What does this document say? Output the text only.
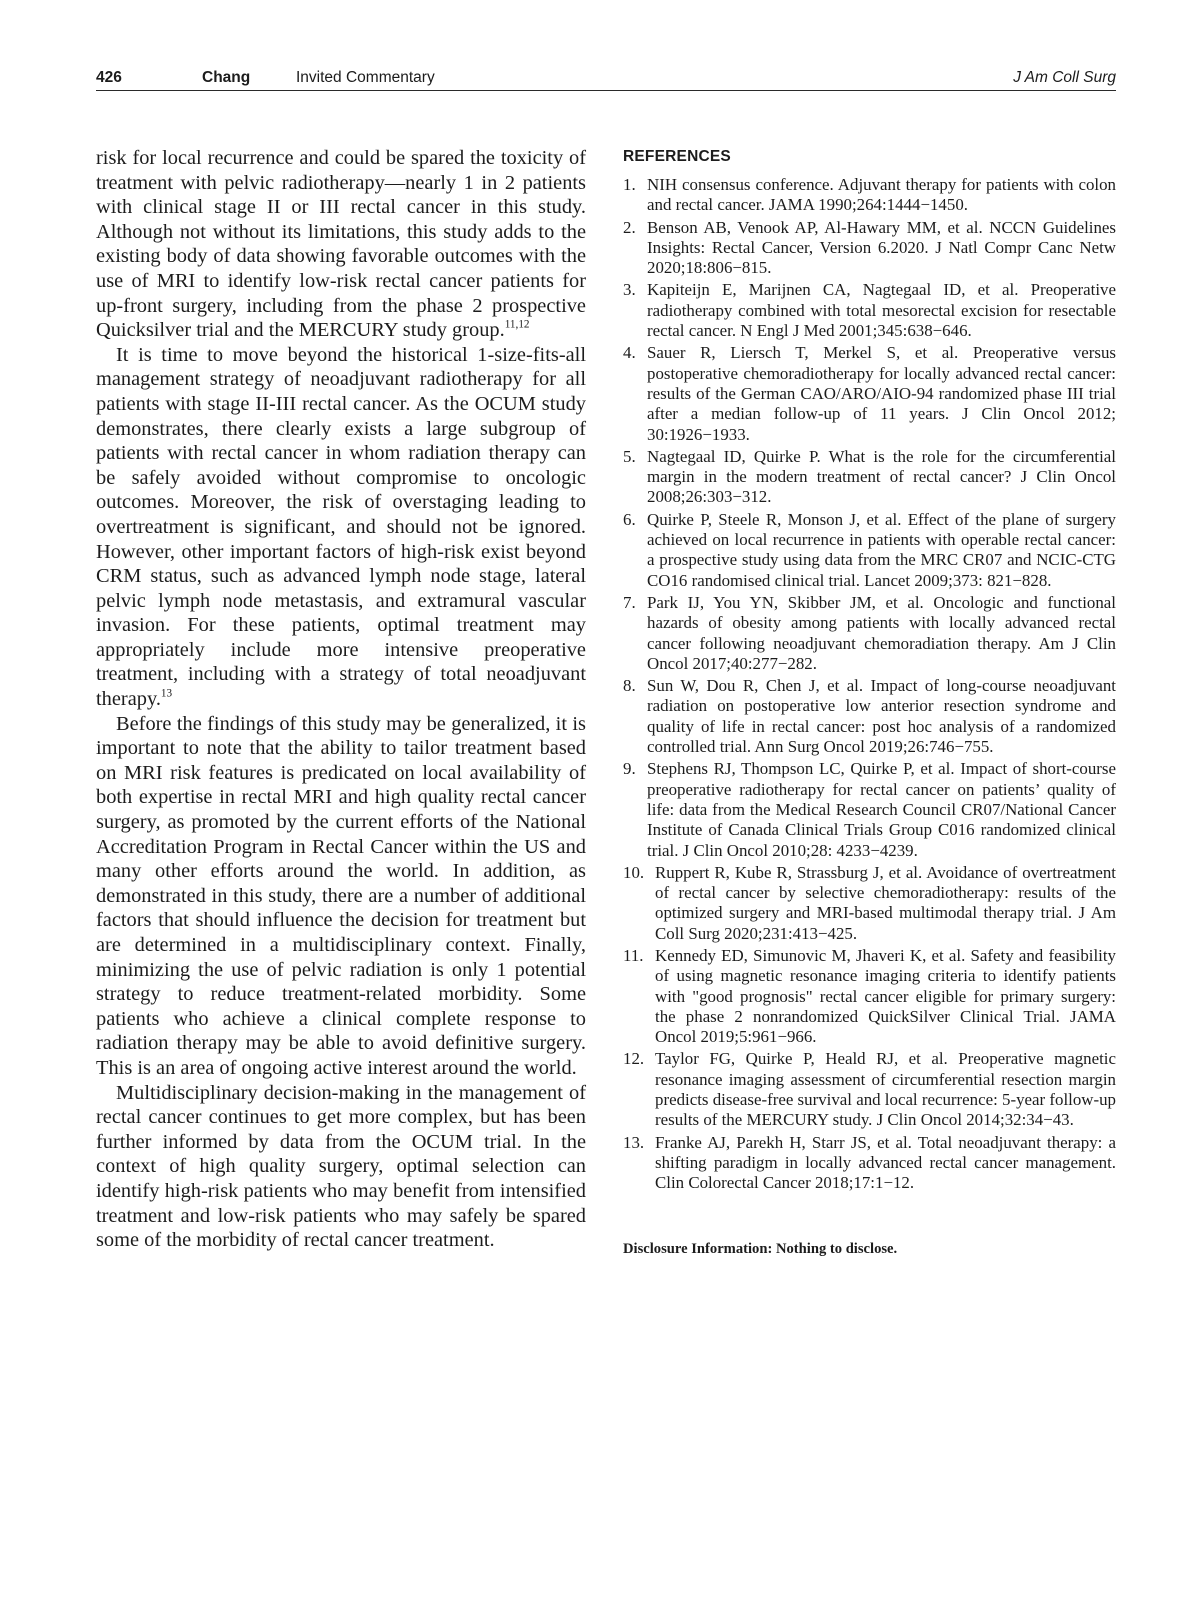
426	Chang	Invited Commentary	J Am Coll Surg

risk for local recurrence and could be spared the toxicity of treatment with pelvic radiotherapy—nearly 1 in 2 patients with clinical stage II or III rectal cancer in this study. Although not without its limitations, this study adds to the existing body of data showing favorable outcomes with the use of MRI to identify low-risk rectal cancer patients for up-front surgery, including from the phase 2 prospective Quicksilver trial and the MERCURY study group.$^{11,12}$

It is time to move beyond the historical 1-size-fits-all management strategy of neoadjuvant radiotherapy for all patients with stage II-III rectal cancer. As the OCUM study demonstrates, there clearly exists a large subgroup of patients with rectal cancer in whom radiation therapy can be safely avoided without compromise to oncologic outcomes. Moreover, the risk of overstaging leading to overtreatment is significant, and should not be ignored. However, other important factors of high-risk exist beyond CRM status, such as advanced lymph node stage, lateral pelvic lymph node metastasis, and extramural vascular invasion. For these patients, optimal treatment may appropriately include more intensive preoperative treatment, including with a strategy of total neoadjuvant therapy.$^{13}$

Before the findings of this study may be generalized, it is important to note that the ability to tailor treatment based on MRI risk features is predicated on local availability of both expertise in rectal MRI and high quality rectal cancer surgery, as promoted by the current efforts of the National Accreditation Program in Rectal Cancer within the US and many other efforts around the world. In addition, as demonstrated in this study, there are a number of additional factors that should influence the decision for treatment but are determined in a multidisciplinary context. Finally, minimizing the use of pelvic radiation is only 1 potential strategy to reduce treatment-related morbidity. Some patients who achieve a clinical complete response to radiation therapy may be able to avoid definitive surgery. This is an area of ongoing active interest around the world.

Multidisciplinary decision-making in the management of rectal cancer continues to get more complex, but has been further informed by data from the OCUM trial. In the context of high quality surgery, optimal selection can identify high-risk patients who may benefit from intensified treatment and low-risk patients who may safely be spared some of the morbidity of rectal cancer treatment.

REFERENCES
1. NIH consensus conference. Adjuvant therapy for patients with colon and rectal cancer. JAMA 1990;264:1444−1450.
2. Benson AB, Venook AP, Al-Hawary MM, et al. NCCN Guidelines Insights: Rectal Cancer, Version 6.2020. J Natl Compr Canc Netw 2020;18:806−815.
3. Kapiteijn E, Marijnen CA, Nagtegaal ID, et al. Preoperative radiotherapy combined with total mesorectal excision for resectable rectal cancer. N Engl J Med 2001;345:638−646.
4. Sauer R, Liersch T, Merkel S, et al. Preoperative versus postoperative chemoradiotherapy for locally advanced rectal cancer: results of the German CAO/ARO/AIO-94 randomized phase III trial after a median follow-up of 11 years. J Clin Oncol 2012; 30:1926−1933.
5. Nagtegaal ID, Quirke P. What is the role for the circumferential margin in the modern treatment of rectal cancer? J Clin Oncol 2008;26:303−312.
6. Quirke P, Steele R, Monson J, et al. Effect of the plane of surgery achieved on local recurrence in patients with operable rectal cancer: a prospective study using data from the MRC CR07 and NCIC-CTG CO16 randomised clinical trial. Lancet 2009;373: 821−828.
7. Park IJ, You YN, Skibber JM, et al. Oncologic and functional hazards of obesity among patients with locally advanced rectal cancer following neoadjuvant chemoradiation therapy. Am J Clin Oncol 2017;40:277−282.
8. Sun W, Dou R, Chen J, et al. Impact of long-course neoadjuvant radiation on postoperative low anterior resection syndrome and quality of life in rectal cancer: post hoc analysis of a randomized controlled trial. Ann Surg Oncol 2019;26:746−755.
9. Stephens RJ, Thompson LC, Quirke P, et al. Impact of short-course preoperative radiotherapy for rectal cancer on patients’ quality of life: data from the Medical Research Council CR07/National Cancer Institute of Canada Clinical Trials Group C016 randomized clinical trial. J Clin Oncol 2010;28: 4233−4239.
10. Ruppert R, Kube R, Strassburg J, et al. Avoidance of overtreatment of rectal cancer by selective chemoradiotherapy: results of the optimized surgery and MRI-based multimodal therapy trial. J Am Coll Surg 2020;231:413−425.
11. Kennedy ED, Simunovic M, Jhaveri K, et al. Safety and feasibility of using magnetic resonance imaging criteria to identify patients with "good prognosis" rectal cancer eligible for primary surgery: the phase 2 nonrandomized QuickSilver Clinical Trial. JAMA Oncol 2019;5:961−966.
12. Taylor FG, Quirke P, Heald RJ, et al. Preoperative magnetic resonance imaging assessment of circumferential resection margin predicts disease-free survival and local recurrence: 5-year follow-up results of the MERCURY study. J Clin Oncol 2014;32:34−43.
13. Franke AJ, Parekh H, Starr JS, et al. Total neoadjuvant therapy: a shifting paradigm in locally advanced rectal cancer management. Clin Colorectal Cancer 2018;17:1−12.
Disclosure Information: Nothing to disclose.
